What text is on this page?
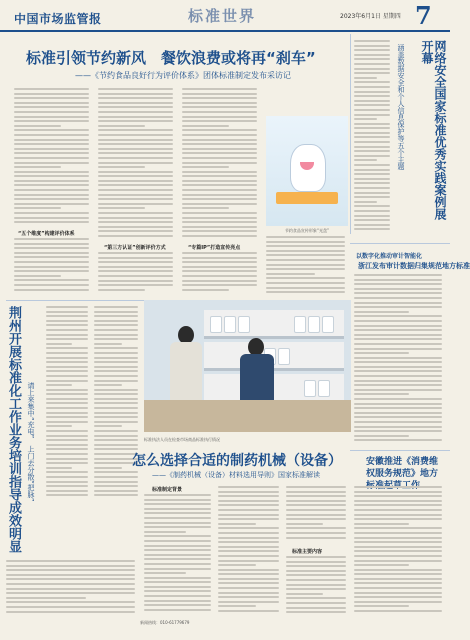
中国市场监管报	标准世界	2023年6月1日 星期四 7
标准引领节约新风　餐饮浪费或将再“刹车”
——《节约食品良好行为评价体系》团体标准制定发布采访记
“五个维度”构建评价体系
“第三方认证”创新评价方式	“专篇IP”打造宣传亮点
节约食品宣传形象“光盘”
网络安全国家标准优秀实践案例展开幕
涵盖数据安全和个人信息保护等五个主题
以数字化推动审计智能化
浙江发布审计数据归集规范地方标准
荆州开展标准化工作业务培训指导成效明显 请上来集中“充电”　上门去分散“把脉”	标准执法人员在检查市场商品标准执行情况
怎么选择合适的制药机械（设备）
——《制药机械（设备）材料选用导则》国家标准解读
标准制定背景
标准主要内容
安徽推进《消费维权服务规范》地方
新闻热线：010-61779679
